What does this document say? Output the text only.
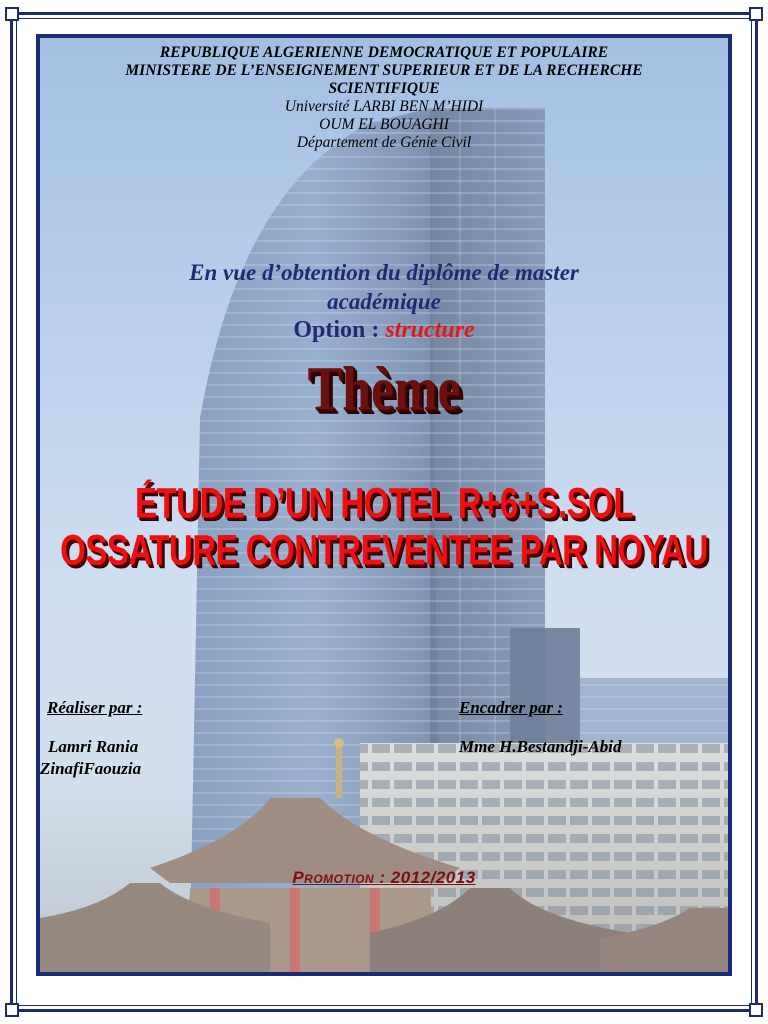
REPUBLIQUE ALGERIENNE DEMOCRATIQUE ET POPULAIRE

MINISTERE DE L’ENSEIGNEMENT SUPERIEUR ET DE LA RECHERCHE

SCIENTIFIQUE

Université LARBI BEN M’HIDI

OUM EL BOUAGHI

Département de Génie Civil

En vue d’obtention du diplôme de master
académique
Option : structure
Thème
ÉTUDE D’UN HOTEL R+6+S.SOL
OSSATURE CONTREVENTEE PAR NOYAU
Réaliser par :
Lamri Rania
ZinafiFaouzia
Encadrer par :
Mme H.Bestandji-Abid
Promotion : 2012/2013
